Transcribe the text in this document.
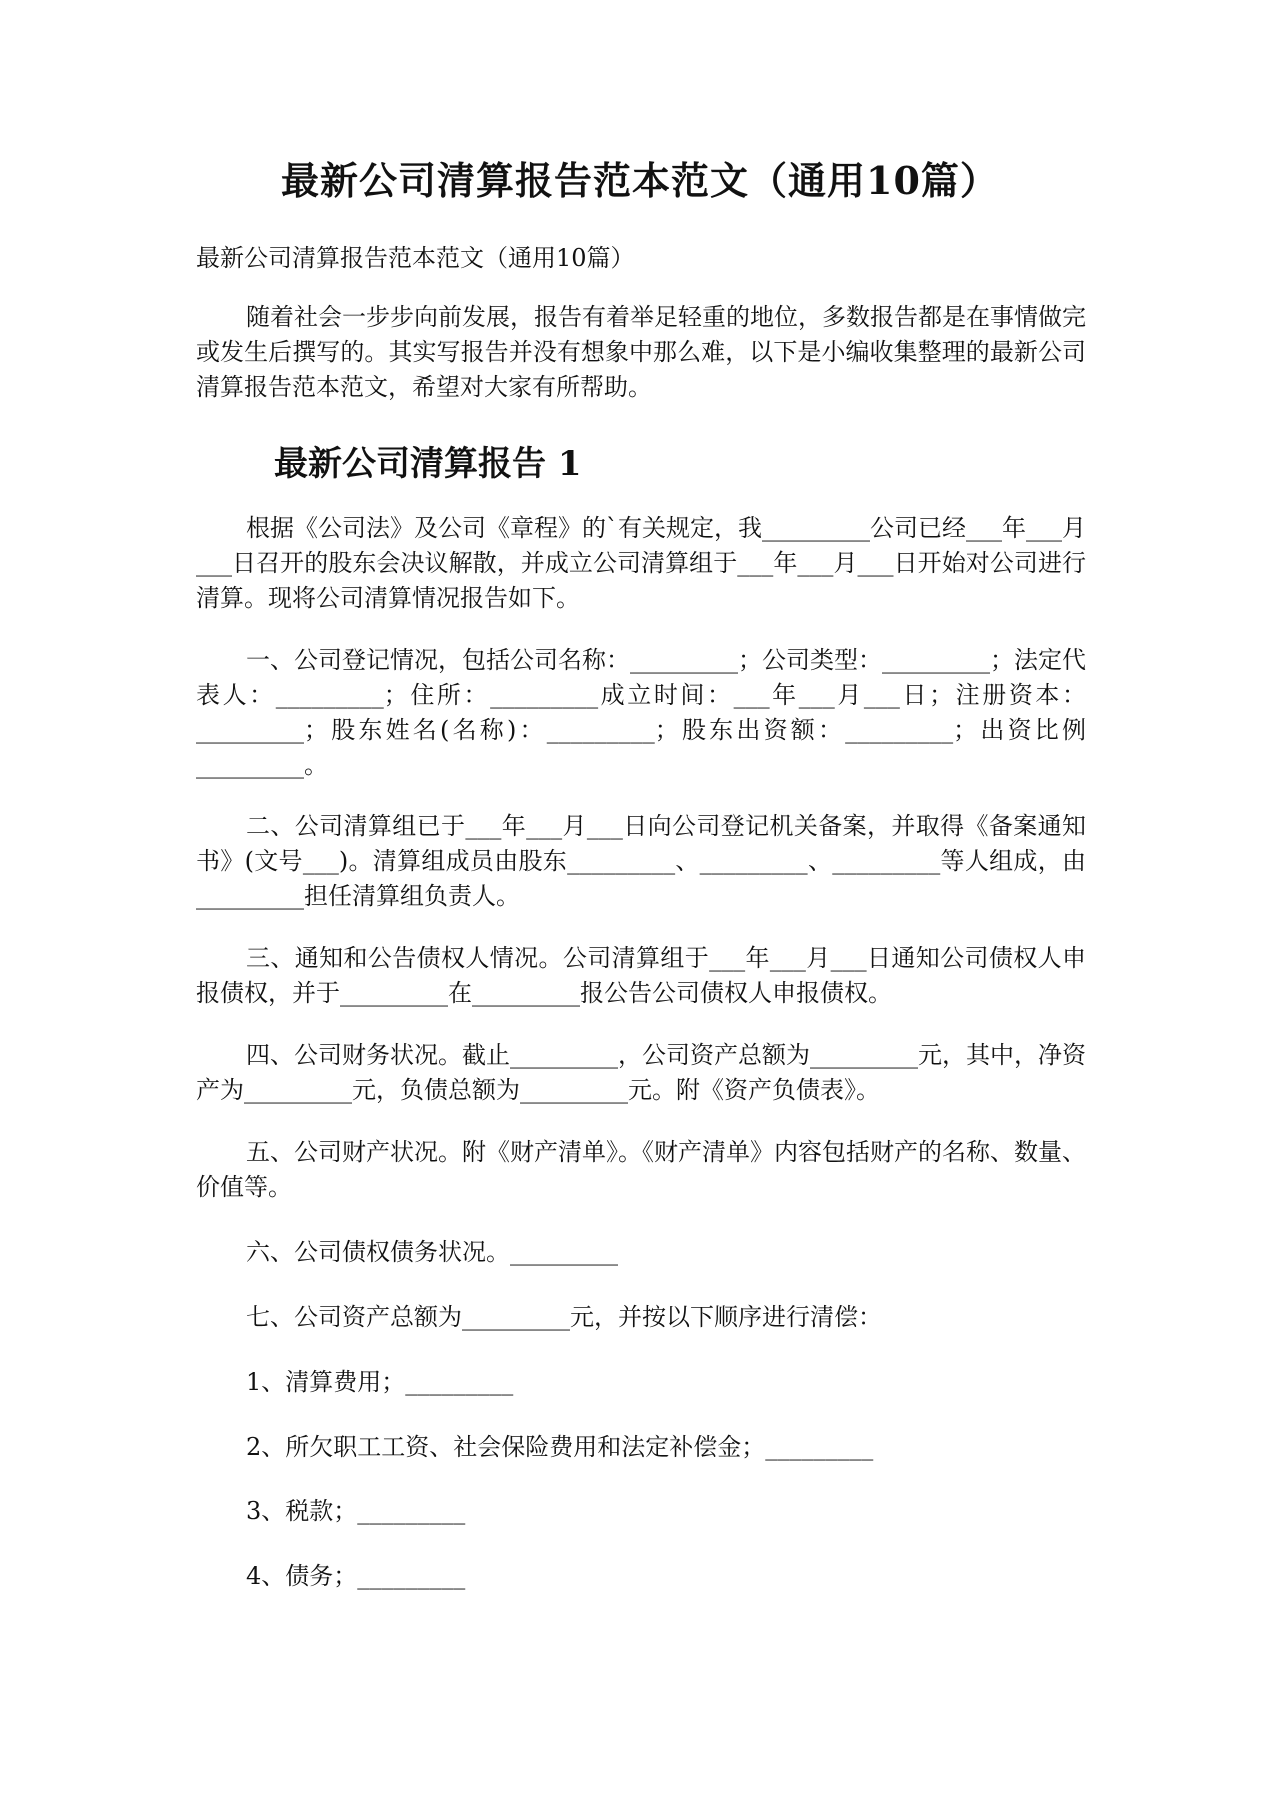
最新公司清算报告范本范文（通用10篇）

最新公司清算报告范本范文（通用10篇）

随着社会一步步向前发展，报告有着举足轻重的地位，多数报告都是在事情做完或发生后撰写的。其实写报告并没有想象中那么难，以下是小编收集整理的最新公司清算报告范本范文，希望对大家有所帮助。

最新公司清算报告 1

根据《公司法》及公司《章程》的`有关规定，我_________公司已经___年___月___日召开的股东会决议解散，并成立公司清算组于___年___月___日开始对公司进行清算。现将公司清算情况报告如下。

一、公司登记情况，包括公司名称：_________；公司类型：_________；法定代表人：_________；住所：_________成立时间：___年___月___日；注册资本：_________；股东姓名(名称)：_________；股东出资额：_________；出资比例_________。

二、公司清算组已于___年___月___日向公司登记机关备案，并取得《备案通知书》(文号___)。清算组成员由股东_________、_________、_________等人组成，由_________担任清算组负责人。

三、通知和公告债权人情况。公司清算组于___年___月___日通知公司债权人申报债权，并于_________在_________报公告公司债权人申报债权。

四、公司财务状况。截止_________，公司资产总额为_________元，其中，净资产为_________元，负债总额为_________元。附《资产负债表》。

五、公司财产状况。附《财产清单》。《财产清单》内容包括财产的名称、数量、价值等。

六、公司债权债务状况。_________

七、公司资产总额为_________元，并按以下顺序进行清偿：

1、清算费用；_________

2、所欠职工工资、社会保险费用和法定补偿金；_________

3、税款；_________

4、债务；_________
